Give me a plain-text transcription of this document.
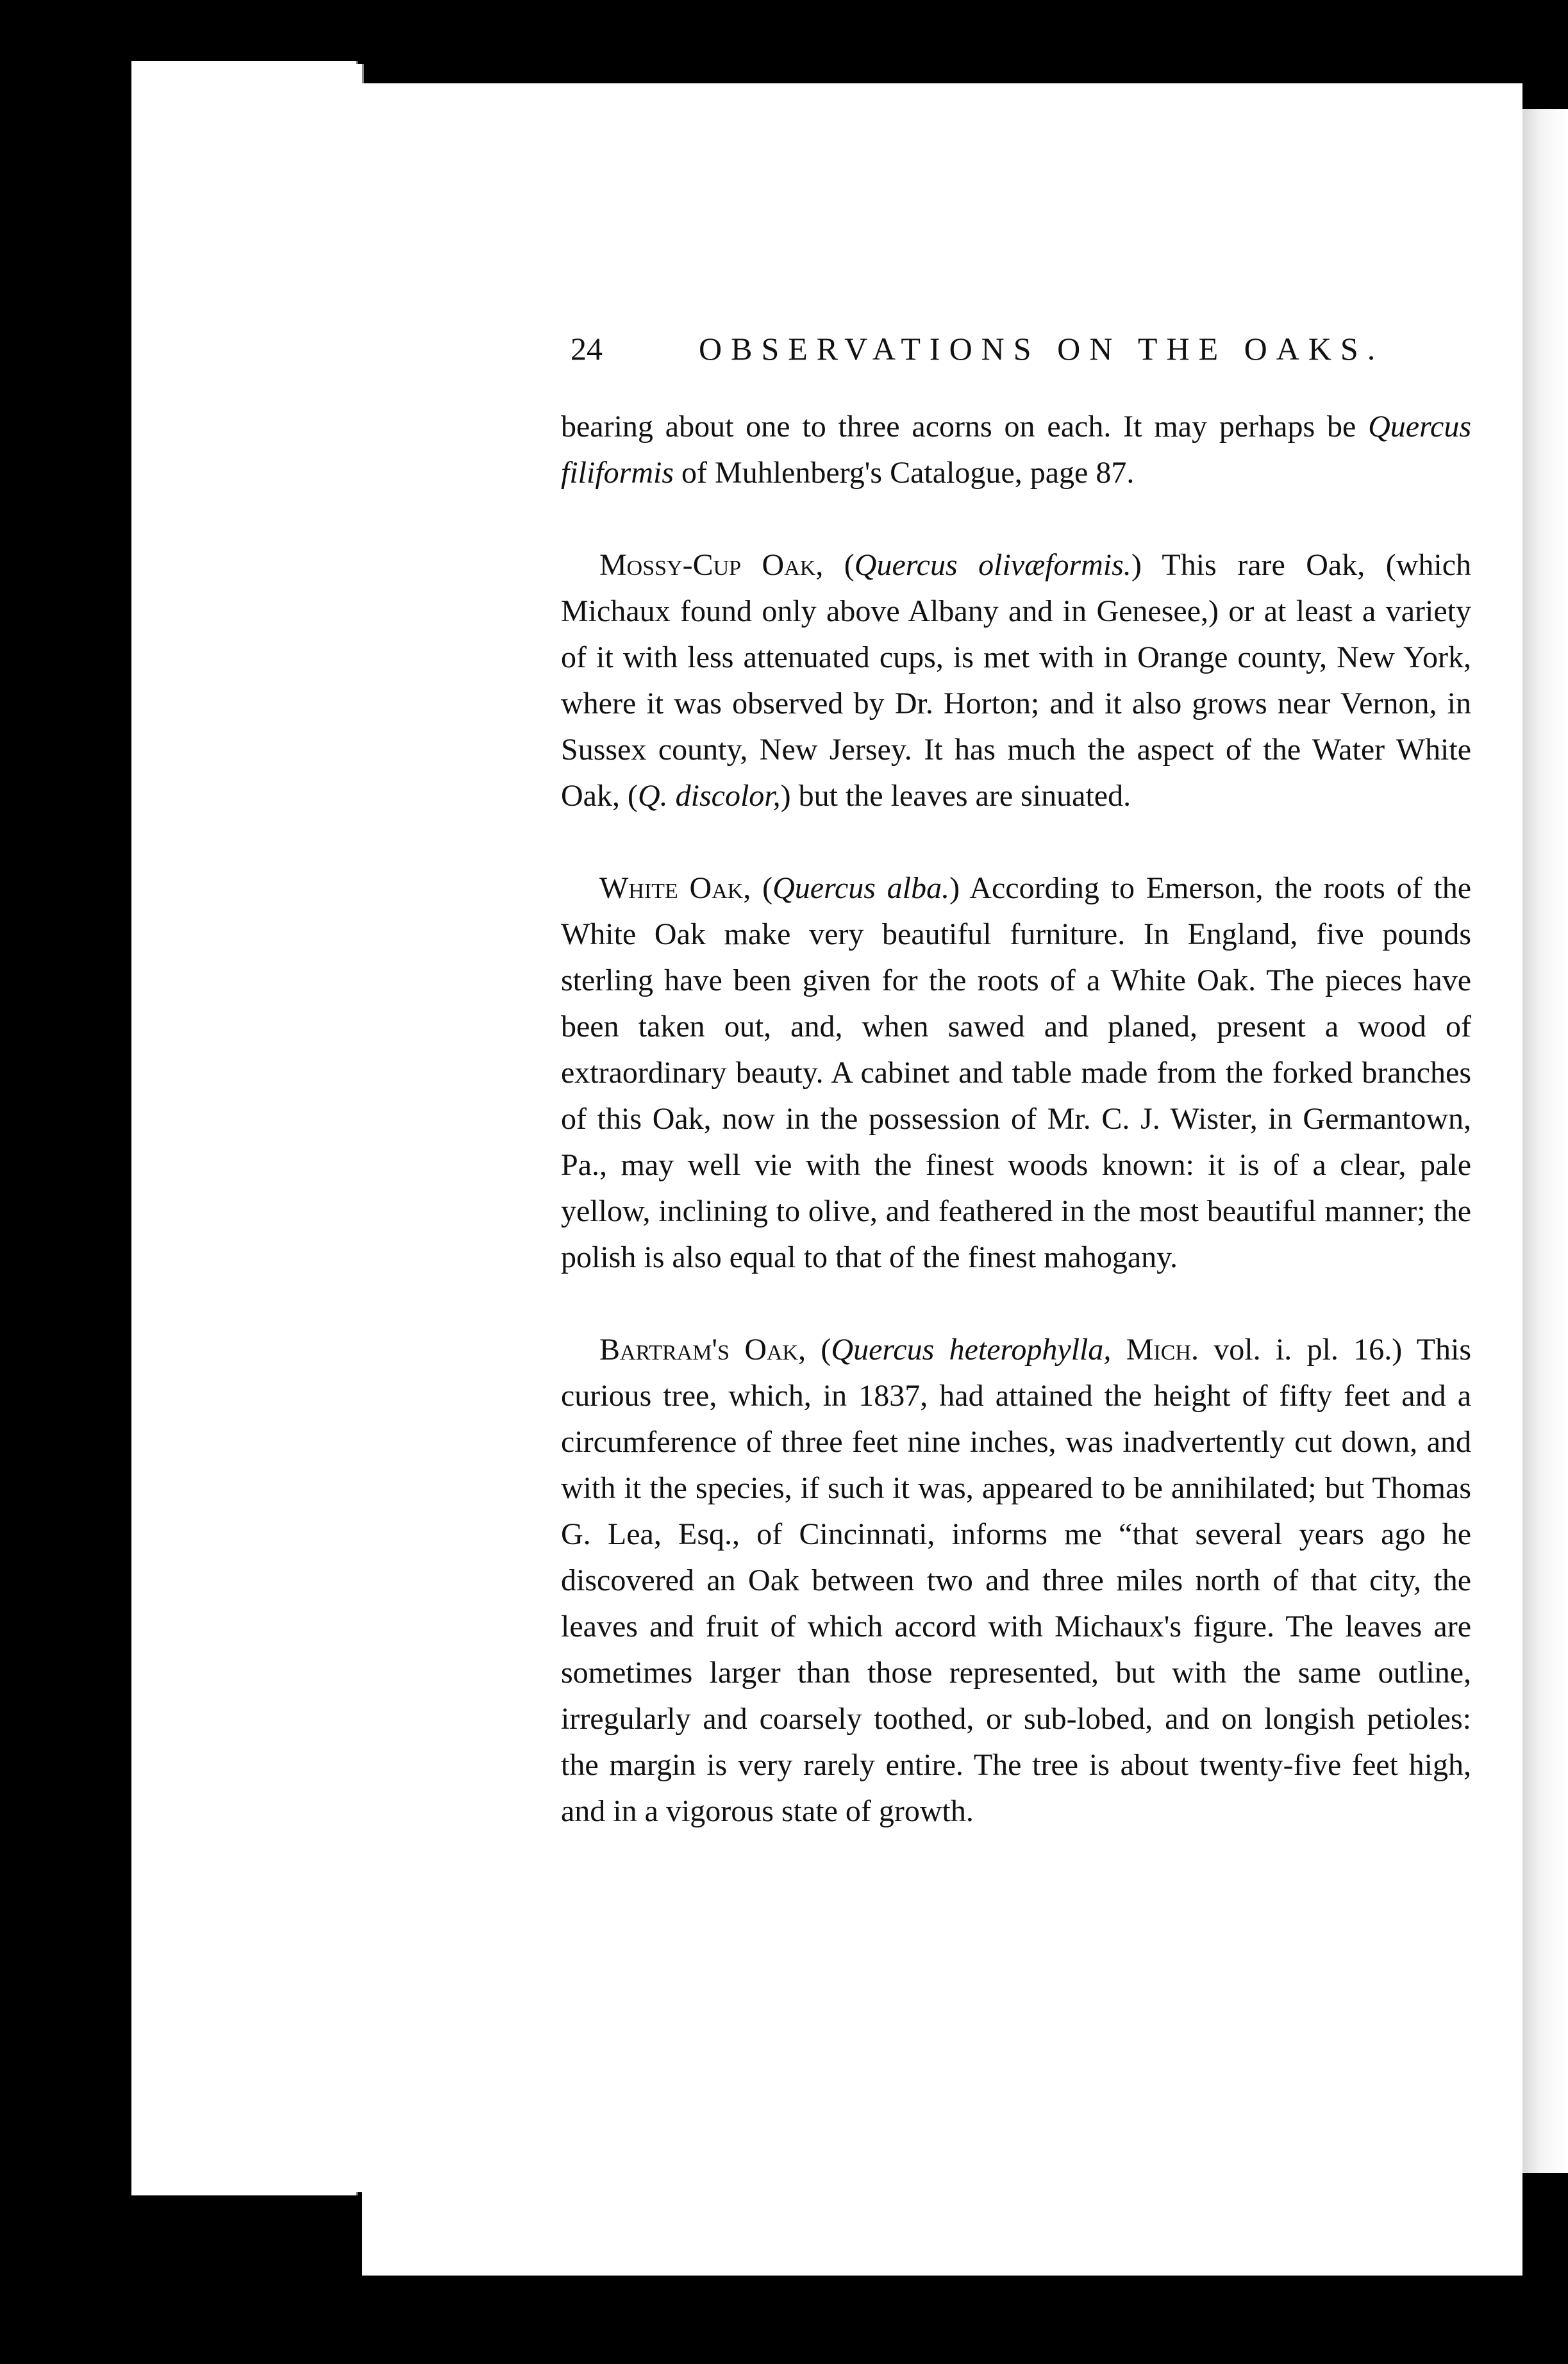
24	OBSERVATIONS ON THE OAKS.

bearing about one to three acorns on each. It may perhaps be Quercus filiformis of Muhlenberg's Catalogue, page 87.

Mossy-Cup Oak, (Quercus olivæformis.) This rare Oak, (which Michaux found only above Albany and in Genesee,) or at least a variety of it with less attenuated cups, is met with in Orange county, New York, where it was observed by Dr. Horton; and it also grows near Vernon, in Sussex county, New Jersey. It has much the aspect of the Water White Oak, (Q. discolor,) but the leaves are sinuated.

White Oak, (Quercus alba.) According to Emerson, the roots of the White Oak make very beautiful furniture. In England, five pounds sterling have been given for the roots of a White Oak. The pieces have been taken out, and, when sawed and planed, present a wood of extraordinary beauty. A cabinet and table made from the forked branches of this Oak, now in the possession of Mr. C. J. Wister, in Germantown, Pa., may well vie with the finest woods known: it is of a clear, pale yellow, inclining to olive, and feathered in the most beautiful manner; the polish is also equal to that of the finest mahogany.

Bartram's Oak, (Quercus heterophylla, Mich. vol. i. pl. 16.) This curious tree, which, in 1837, had attained the height of fifty feet and a circumference of three feet nine inches, was inadvertently cut down, and with it the species, if such it was, appeared to be annihilated; but Thomas G. Lea, Esq., of Cincinnati, informs me “that several years ago he discovered an Oak between two and three miles north of that city, the leaves and fruit of which accord with Michaux's figure. The leaves are sometimes larger than those represented, but with the same outline, irregularly and coarsely toothed, or sub-lobed, and on longish petioles: the margin is very rarely entire. The tree is about twenty-five feet high, and in a vigorous state of growth.
